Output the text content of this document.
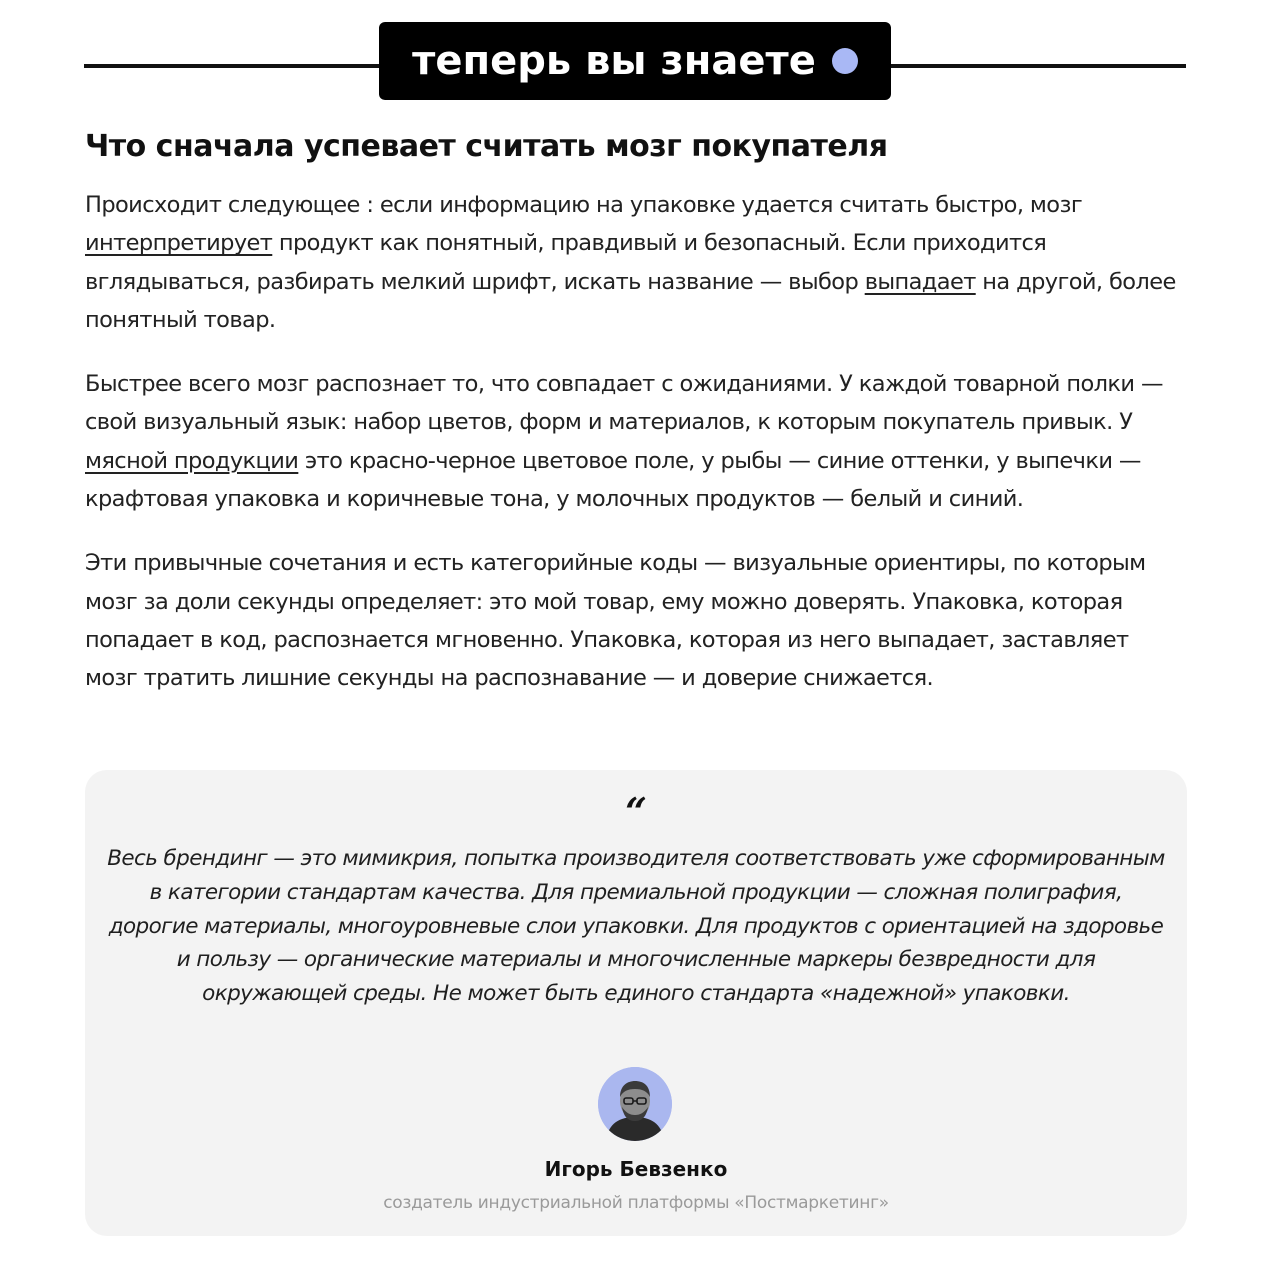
теперь вы знаете
Что сначала успевает считать мозг покупателя

Происходит следующее : если информацию на упаковке удается считать быстро, мозг интерпретирует продукт как понятный, правдивый и безопасный. Если приходится вглядываться, разбирать мелкий шрифт, искать название — выбор выпадает на другой, более понятный товар.

Быстрее всего мозг распознает то, что совпадает с ожиданиями. У каждой товарной полки — свой визуальный язык: набор цветов, форм и материалов, к которым покупатель привык. У мясной продукции это красно-черное цветовое поле, у рыбы — синие оттенки, у выпечки — крафтовая упаковка и коричневые тона, у молочных продуктов — белый и синий.

Эти привычные сочетания и есть категорийные коды — визуальные ориентиры, по которым мозг за доли секунды определяет: это мой товар, ему можно доверять. Упаковка, которая попадает в код, распознается мгновенно. Упаковка, которая из него выпадает, заставляет мозг тратить лишние секунды на распознавание — и доверие снижается.

“
Весь брендинг — это мимикрия, попытка производителя соответствовать уже сформированным в категории стандартам качества. Для премиальной продукции — сложная полиграфия, дорогие материалы, многоуровневые слои упаковки. Для продуктов с ориентацией на здоровье и пользу — органические материалы и многочисленные маркеры безвредности для окружающей среды. Не может быть единого стандарта «надежной» упаковки.
Игорь Бевзенко
создатель индустриальной платформы «Постмаркетинг»
